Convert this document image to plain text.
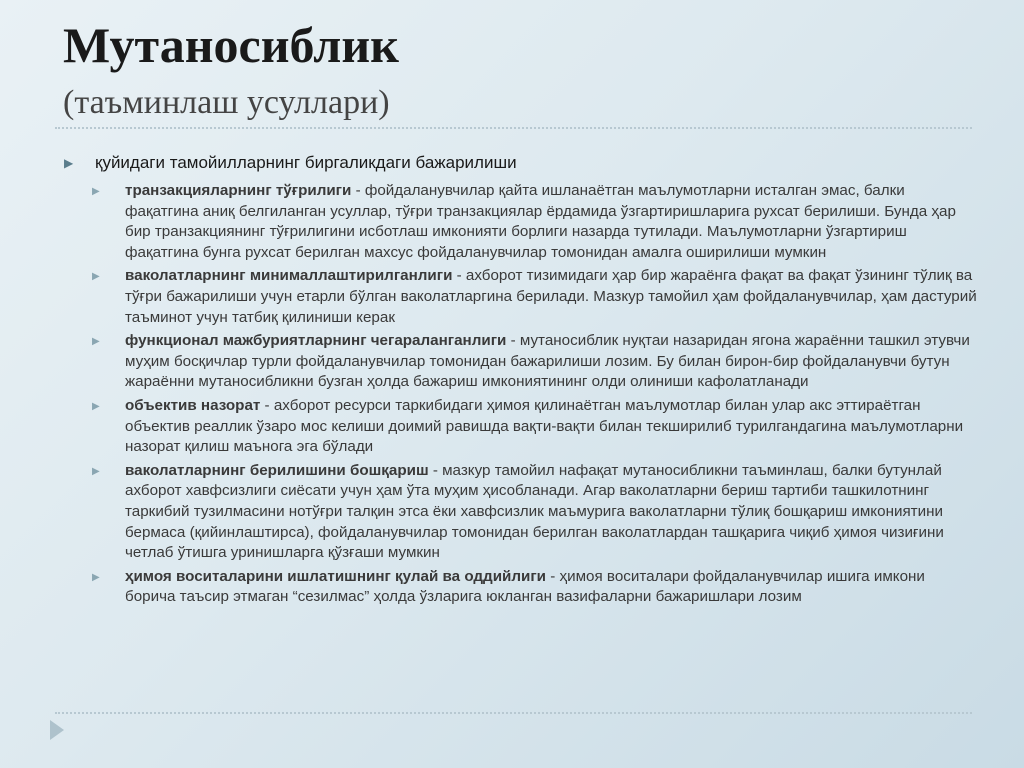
Мутаносиблик
(таъминлаш усуллари)
▶ қуйидаги тамойилларнинг биргаликдаги бажарилиши
▶ транзакцияларнинг тўғрилиги - фойдаланувчилар қайта ишланаётган маълумотларни исталган эмас, балки фақатгина аниқ белгиланган усуллар, тўғри транзакциялар ёрдамида ўзгартиришларига рухсат берилиши. Бунда ҳар бир транзакциянинг тўғрилигини исботлаш имконияти борлиги назарда тутилади. Маълумотларни ўзгартириш фақатгина бунга рухсат берилган махсус фойдаланувчилар томонидан амалга оширилиши мумкин
▶ ваколатларнинг минималлаштирилганлиги - ахборот тизимидаги ҳар бир жараёнга фақат ва фақат ўзининг тўлиқ ва тўғри бажарилиши учун етарли бўлган ваколатларгина берилади. Мазкур тамойил ҳам фойдаланувчилар, ҳам дастурий таъминот учун татбиқ қилиниши керак
▶ функционал мажбуриятларнинг чегараланганлиги - мутаносиблик нуқтаи назаридан ягона жараённи ташкил этувчи муҳим босқичлар турли фойдаланувчилар томонидан бажарилиши лозим. Бу билан бирон-бир фойдаланувчи бутун жараённи мутаносибликни бузган ҳолда бажариш имкониятининг олди олиниши кафолатланади
▶ объектив назорат - ахборот ресурси таркибидаги ҳимоя қилинаётган маълумотлар билан улар акс эттираётган объектив реаллик ўзаро мос келиши доимий равишда вақти-вақти билан текширилиб турилгандагина маълумотларни назорат қилиш маънога эга бўлади
▶ ваколатларнинг берилишини бошқариш - мазкур тамойил нафақат мутаносибликни таъминлаш, балки бутунлай ахборот хавфсизлиги сиёсати учун ҳам ўта муҳим ҳисобланади. Агар ваколатларни бериш тартиби ташкилотнинг таркибий тузилмасини нотўғри талқин этса ёки хавфсизлик маъмурига ваколатларни тўлиқ бошқариш имкониятини бермаса (қийинлаштирса), фойдаланувчилар томонидан берилган ваколатлардан ташқарига чиқиб ҳимоя чизиғини четлаб ўтишга уринишларга қўзғаши мумкин
▶ ҳимоя воситаларини ишлатишнинг қулай ва оддийлиги - ҳимоя воситалари фойдаланувчилар ишига имкони борича таъсир этмаган “сезилмас” ҳолда ўзларига юкланган вазифаларни бажаришлари лозим
